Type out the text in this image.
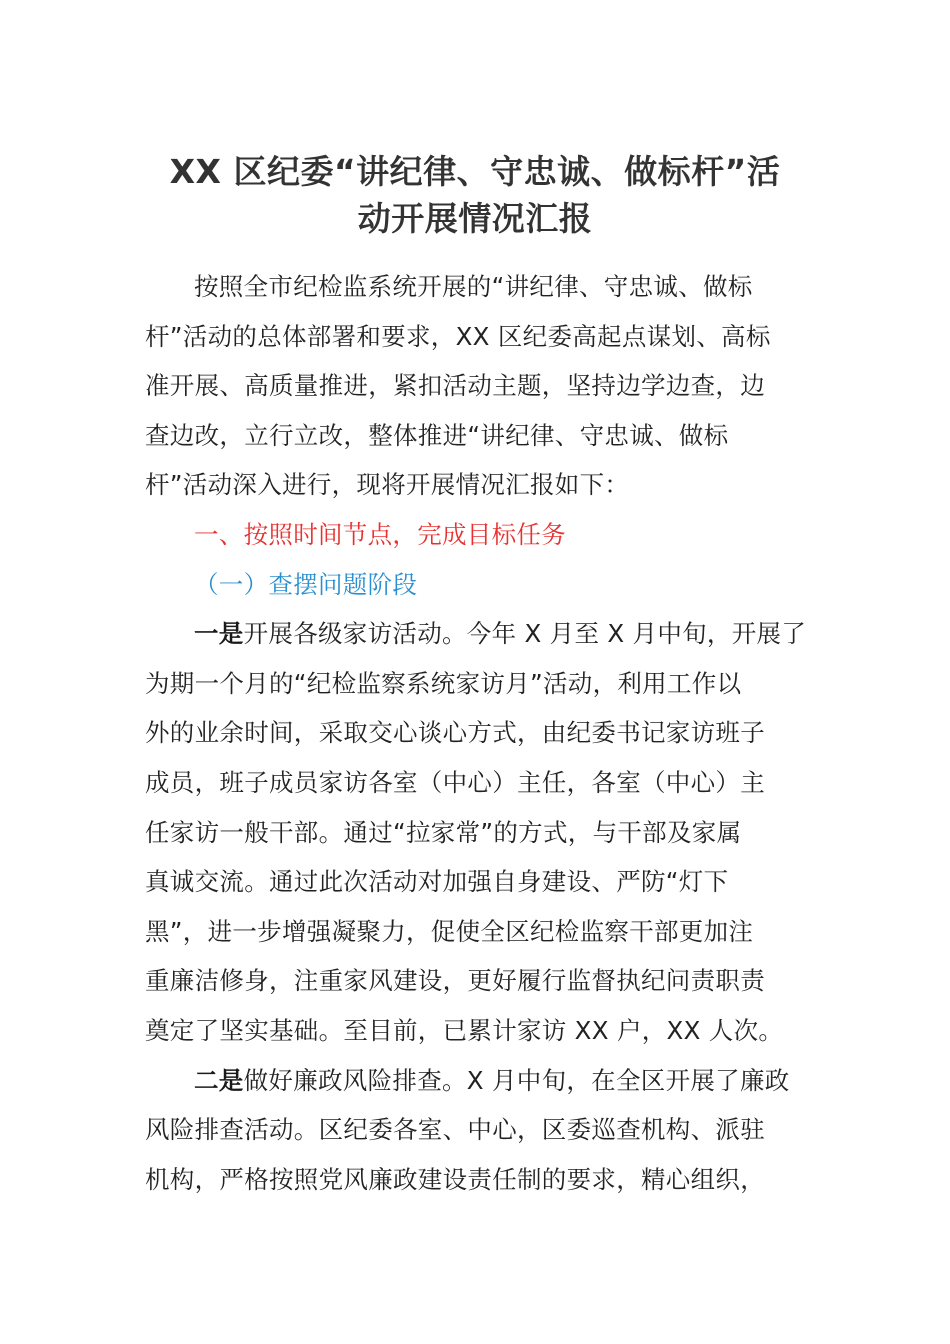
XX 区纪委“讲纪律、守忠诚、做标杆”活
动开展情况汇报
按照全市纪检监系统开展的“讲纪律、守忠诚、做标
杆”活动的总体部署和要求，XX 区纪委高起点谋划、高标
准开展、高质量推进，紧扣活动主题，坚持边学边查，边
查边改，立行立改，整体推进“讲纪律、守忠诚、做标
杆”活动深入进行，现将开展情况汇报如下：
一、按照时间节点，完成目标任务
（一）查摆问题阶段
一是开展各级家访活动。今年 X 月至 X 月中旬，开展了
为期一个月的“纪检监察系统家访月”活动，利用工作以
外的业余时间，采取交心谈心方式，由纪委书记家访班子
成员，班子成员家访各室（中心）主任，各室（中心）主
任家访一般干部。通过“拉家常”的方式，与干部及家属
真诚交流。通过此次活动对加强自身建设、严防“灯下
黑”，进一步增强凝聚力，促使全区纪检监察干部更加注
重廉洁修身，注重家风建设，更好履行监督执纪问责职责
奠定了坚实基础。至目前，已累计家访 XX 户，XX 人次。
二是做好廉政风险排查。X 月中旬，在全区开展了廉政
风险排查活动。区纪委各室、中心，区委巡查机构、派驻
机构，严格按照党风廉政建设责任制的要求，精心组织，
